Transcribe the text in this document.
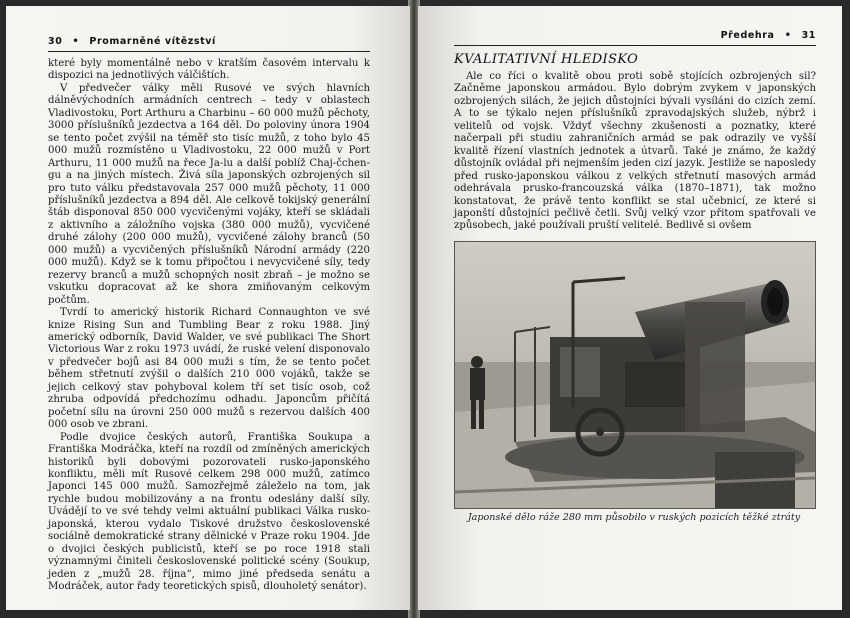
30 • Promarněné vítězství

které byly momentálně nebo v kratším časovém intervalu k dispozici na jednotlivých válčištích.

V předvečer války měli Rusové ve svých hlavních dálněvýchodních armádních centrech – tedy v oblastech Vladivostoku, Port Arthuru a Charbinu – 60 000 mužů pěchoty, 3000 příslušníků jezdectva a 164 děl. Do poloviny února 1904 se tento počet zvýšil na téměř sto tisíc mužů, z toho bylo 45 000 mužů rozmístěno u Vladivostoku, 22 000 mužů v Port Arthuru, 11 000 mužů na řece Ja-lu a další poblíž Chaj-čchen-gu a na jiných místech. Živá síla japonských ozbrojených sil pro tuto válku představovala 257 000 mužů pěchoty, 11 000 příslušníků jezdectva a 894 děl. Ale celkově tokijský generální štáb disponoval 850 000 vycvičenými vojáky, kteří se skládali z aktivního a záložního vojska (380 000 mužů), vycvičené druhé zálohy (200 000 mužů), vycvičené zálohy branců (50 000 mužů) a vycvičených příslušníků Národní armády (220 000 mužů). Když se k tomu připočtou i nevycvičené síly, tedy rezervy branců a mužů schopných nosit zbraň – je možno se vskutku dopracovat až ke shora zmiňovaným celkovým počtům.

Tvrdí to americký historik Richard Connaughton ve své knize Rising Sun and Tumbling Bear z roku 1988. Jiný americký odborník, David Walder, ve své publikaci The Short Victorious War z roku 1973 uvádí, že ruské velení disponovalo v předvečer bojů asi 84 000 muži s tím, že se tento počet během střetnutí zvýšil o dalších 210 000 vojáků, takže se jejich celkový stav pohyboval kolem tří set tisíc osob, což zhruba odpovídá předchozímu odhadu. Japoncům přičítá početní sílu na úrovni 250 000 mužů s rezervou dalších 400 000 osob ve zbrani.

Podle dvojice českých autorů, Františka Soukupa a Františka Modráčka, kteří na rozdíl od zmíněných amerických historiků byli dobovými pozorovateli rusko-japonského konfliktu, měli mít Rusové celkem 298 000 mužů, zatímco Japonci 145 000 mužů. Samozřejmě záleželo na tom, jak rychle budou mobilizovány a na frontu odeslány další síly. Uvádějí to ve své tehdy velmi aktuální publikaci Válka rusko-japonská, kterou vydalo Tiskové družstvo československé sociálně demokratické strany dělnické v Praze roku 1904. Jde o dvojici českých publicistů, kteří se po roce 1918 stali významnými činiteli československé politické scény (Soukup, jeden z „mužů 28. října“, mimo jiné předseda senátu a Modráček, autor řady teoretických spisů, dlouholetý senátor).

Předehra • 31
KVALITATIVNÍ HLEDISKO

Ale co říci o kvalitě obou proti sobě stojících ozbrojených sil? Začněme japonskou armádou. Bylo dobrým zvykem v japonských ozbrojených silách, že jejich důstojníci bývali vysíláni do cizích zemí. A to se týkalo nejen příslušníků zpravodajských služeb, nýbrž i velitelů od vojsk. Vždyť všechny zkušenosti a poznatky, které načerpali při studiu zahraničních armád se pak odrazily ve vyšší kvalitě řízení vlastních jednotek a útvarů. Také je známo, že každý důstojník ovládal při nejmenším jeden cizí jazyk. Jestliže se naposledy před rusko-japonskou válkou z velkých střetnutí masových armád odehrávala prusko-francouzská válka (1870–1871), tak možno konstatovat, že právě tento konflikt se stal učebnicí, ze které si japonští důstojníci pečlivě četli. Svůj velký vzor přitom spatřovali ve způsobech, jaké používali pruští velitelé. Bedlivě si ovšem

Japonské dělo ráže 280 mm působilo v ruských pozicích těžké ztráty
